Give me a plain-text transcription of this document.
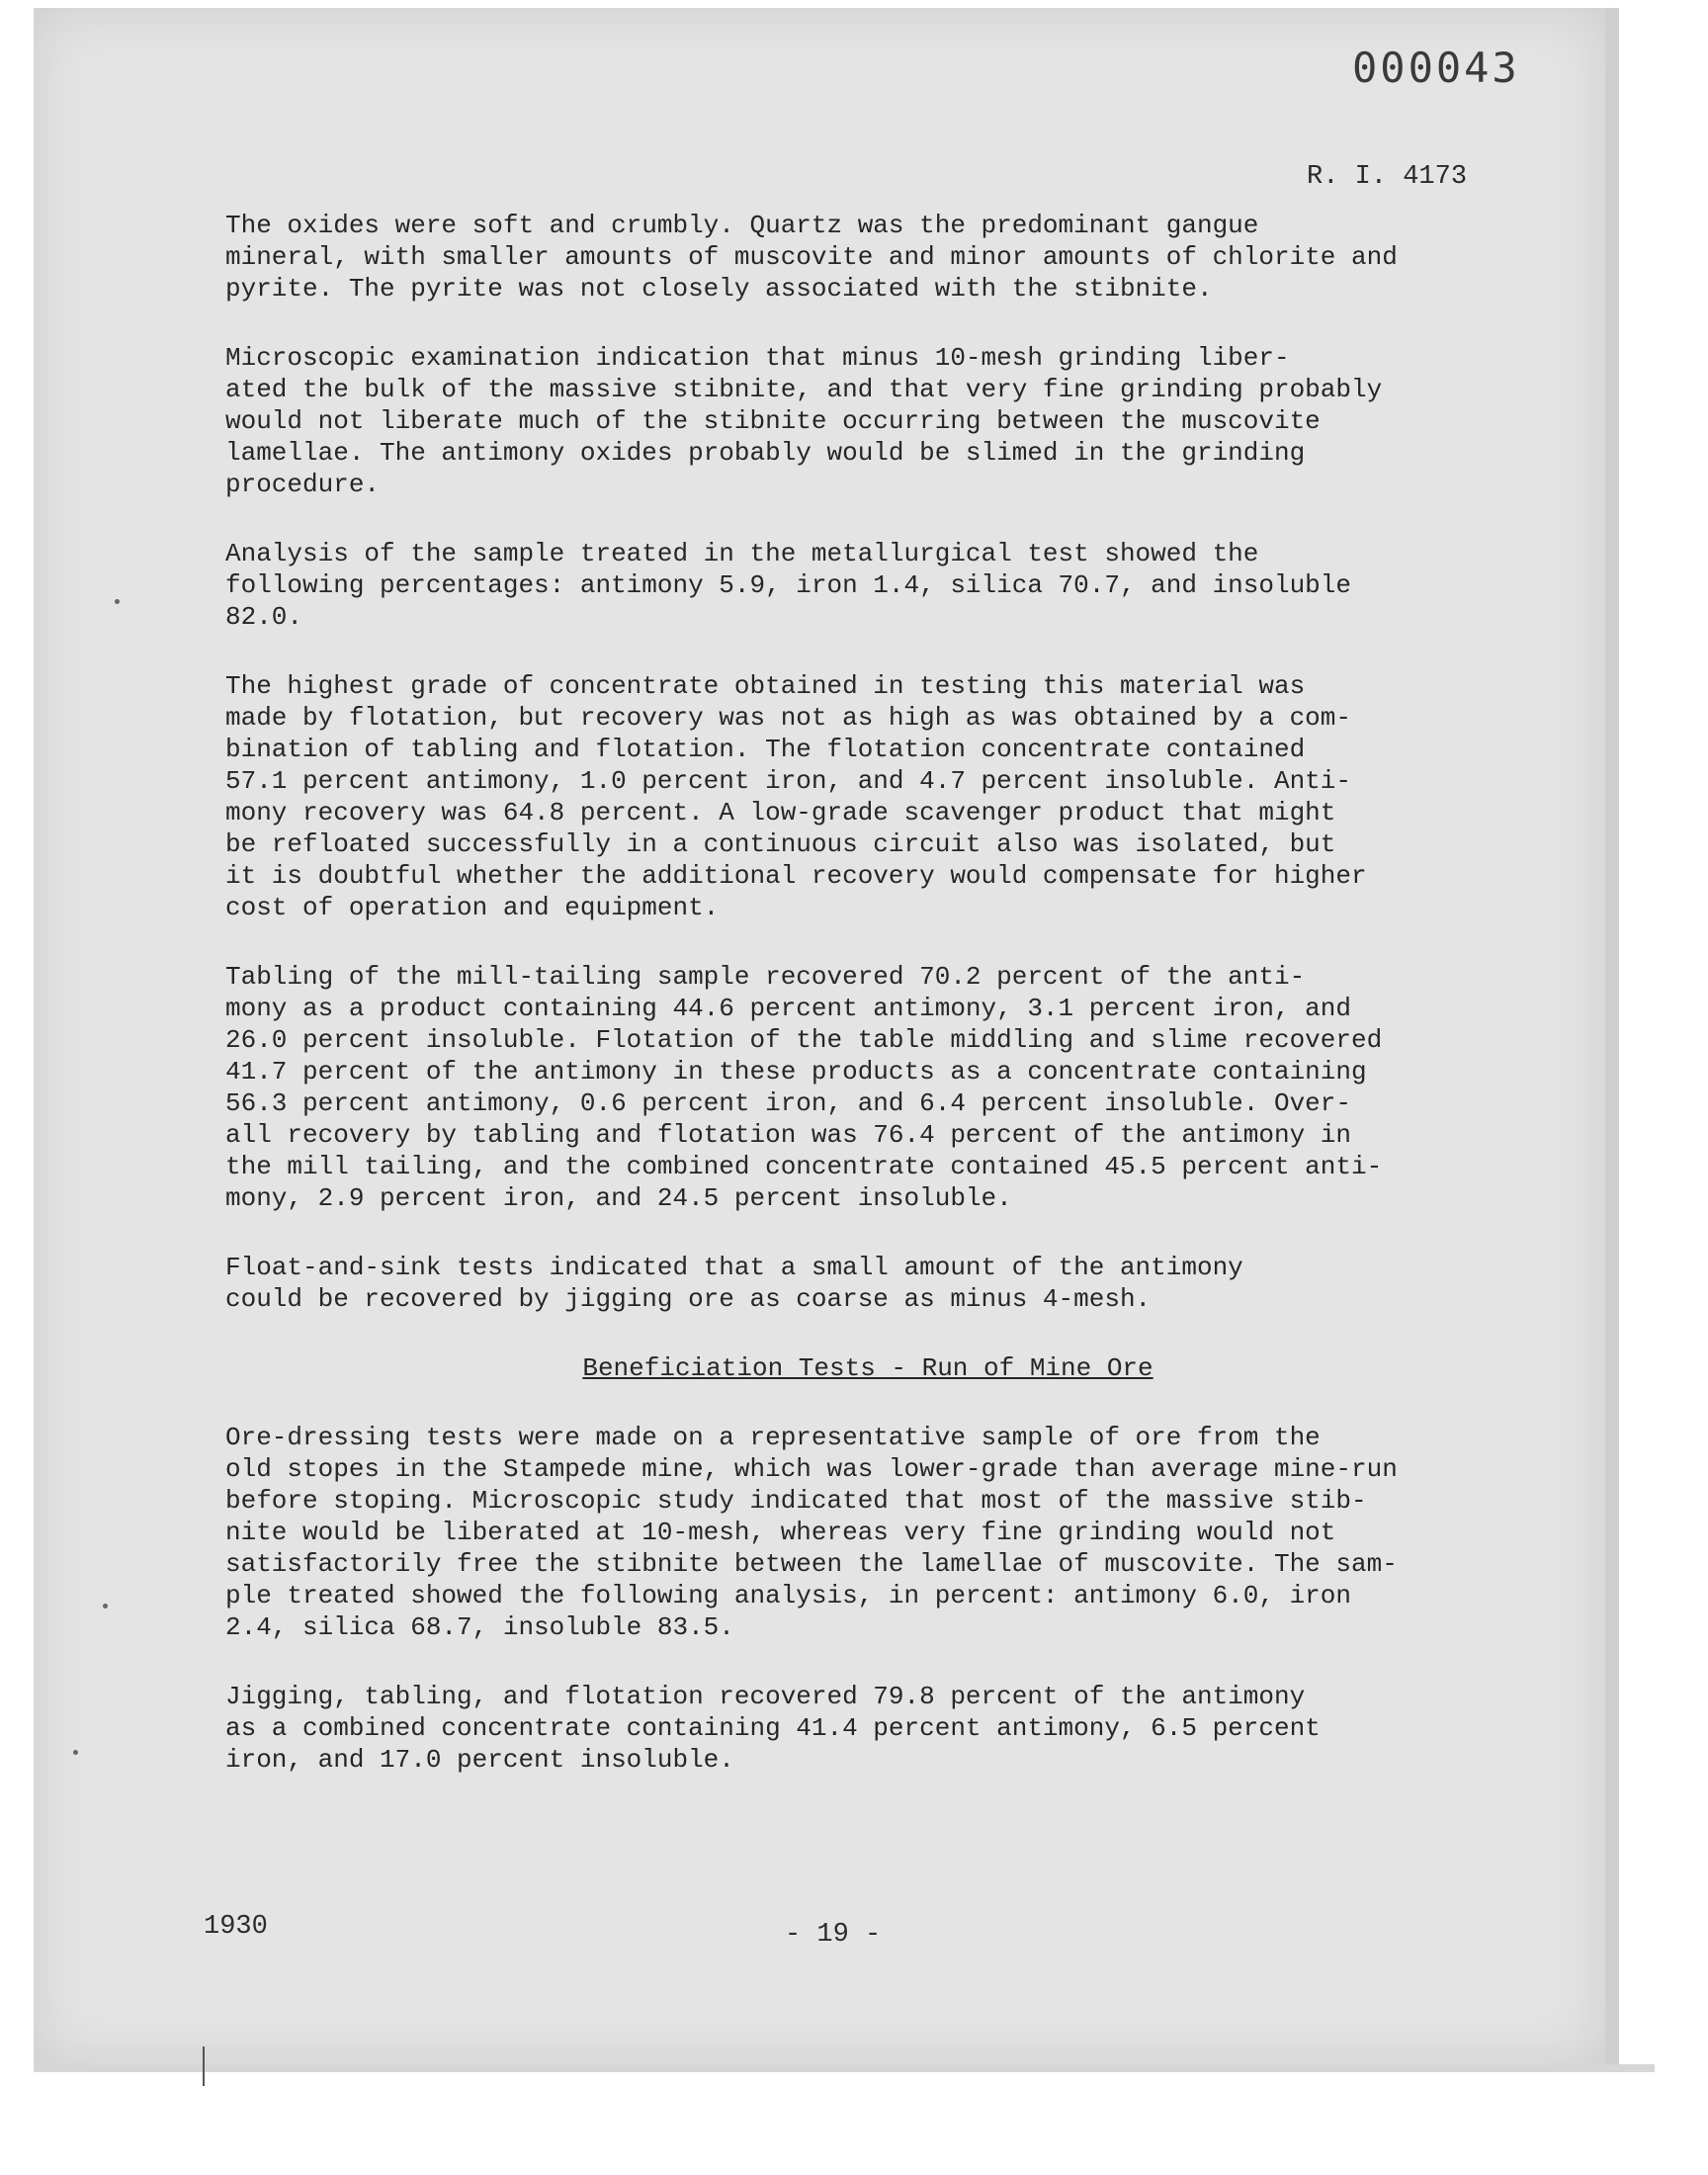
000043
R. I. 4173

The oxides were soft and crumbly. Quartz was the predominant gangue
mineral, with smaller amounts of muscovite and minor amounts of chlorite and
pyrite. The pyrite was not closely associated with the stibnite.

Microscopic examination indication that minus 10-mesh grinding liber-
ated the bulk of the massive stibnite, and that very fine grinding probably
would not liberate much of the stibnite occurring between the muscovite
lamellae. The antimony oxides probably would be slimed in the grinding
procedure.

Analysis of the sample treated in the metallurgical test showed the
following percentages: antimony 5.9, iron 1.4, silica 70.7, and insoluble
82.0.

The highest grade of concentrate obtained in testing this material was
made by flotation, but recovery was not as high as was obtained by a com-
bination of tabling and flotation. The flotation concentrate contained
57.1 percent antimony, 1.0 percent iron, and 4.7 percent insoluble. Anti-
mony recovery was 64.8 percent. A low-grade scavenger product that might
be refloated successfully in a continuous circuit also was isolated, but
it is doubtful whether the additional recovery would compensate for higher
cost of operation and equipment.

Tabling of the mill-tailing sample recovered 70.2 percent of the anti-
mony as a product containing 44.6 percent antimony, 3.1 percent iron, and
26.0 percent insoluble. Flotation of the table middling and slime recovered
41.7 percent of the antimony in these products as a concentrate containing
56.3 percent antimony, 0.6 percent iron, and 6.4 percent insoluble. Over-
all recovery by tabling and flotation was 76.4 percent of the antimony in
the mill tailing, and the combined concentrate contained 45.5 percent anti-
mony, 2.9 percent iron, and 24.5 percent insoluble.

Float-and-sink tests indicated that a small amount of the antimony
could be recovered by jigging ore as coarse as minus 4-mesh.

Beneficiation Tests - Run of Mine Ore

Ore-dressing tests were made on a representative sample of ore from the
old stopes in the Stampede mine, which was lower-grade than average mine-run
before stoping. Microscopic study indicated that most of the massive stib-
nite would be liberated at 10-mesh, whereas very fine grinding would not
satisfactorily free the stibnite between the lamellae of muscovite. The sam-
ple treated showed the following analysis, in percent: antimony 6.0, iron
2.4, silica 68.7, insoluble 83.5.

Jigging, tabling, and flotation recovered 79.8 percent of the antimony
as a combined concentrate containing 41.4 percent antimony, 6.5 percent
iron, and 17.0 percent insoluble.

1930	- 19 -
